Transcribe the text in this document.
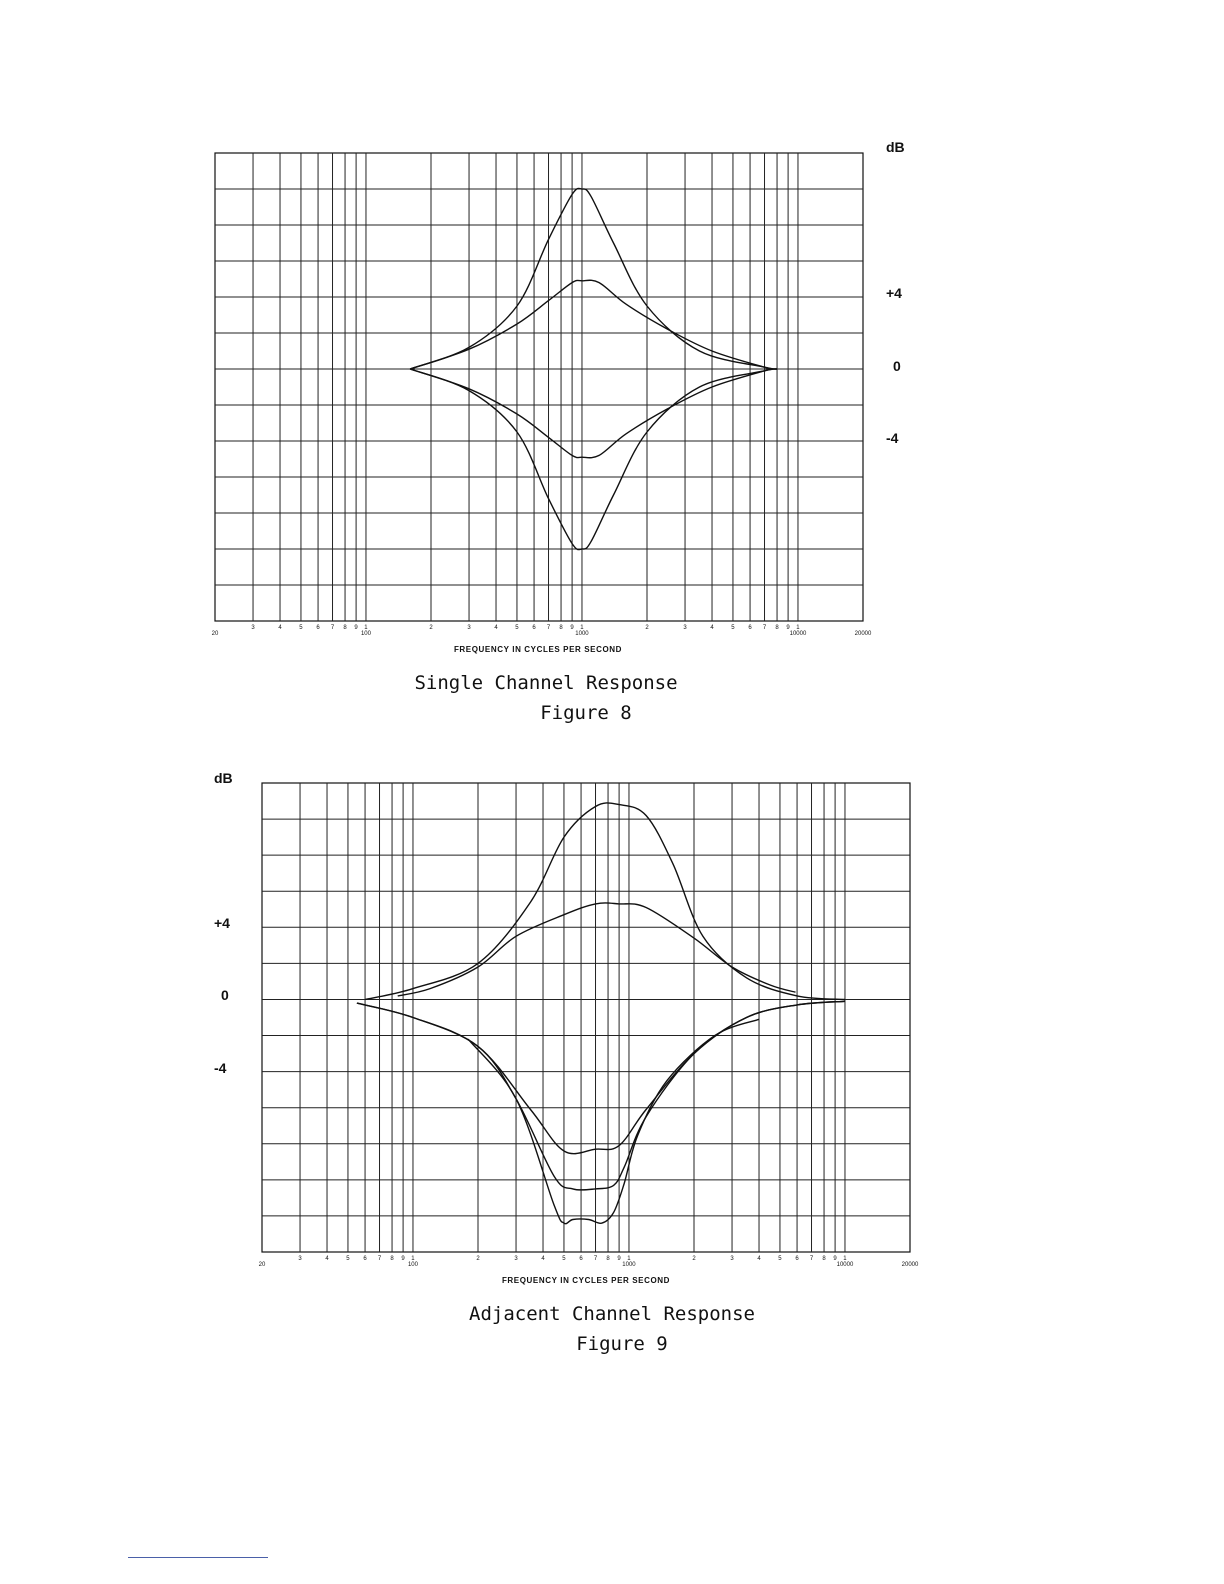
3	4	5 6 7 8 9 1	2	3	4	5 6 7 8 9 1	2	3	4	5 6 7 8 9 1
20	100	1000	10000	20000
dB
+4
0
-4
FREQUENCY IN CYCLES PER SECOND
3	4	5 6 7 8 9 1	2	3	4	5 6 7 8 9 1	2	3	4	5 6 7 8 9 1
20	100	1000	10000	20000
dB
+4
0
-4
FREQUENCY IN CYCLES PER SECOND
Single Channel Response
Figure 8
Adjacent Channel Response
Figure 9
